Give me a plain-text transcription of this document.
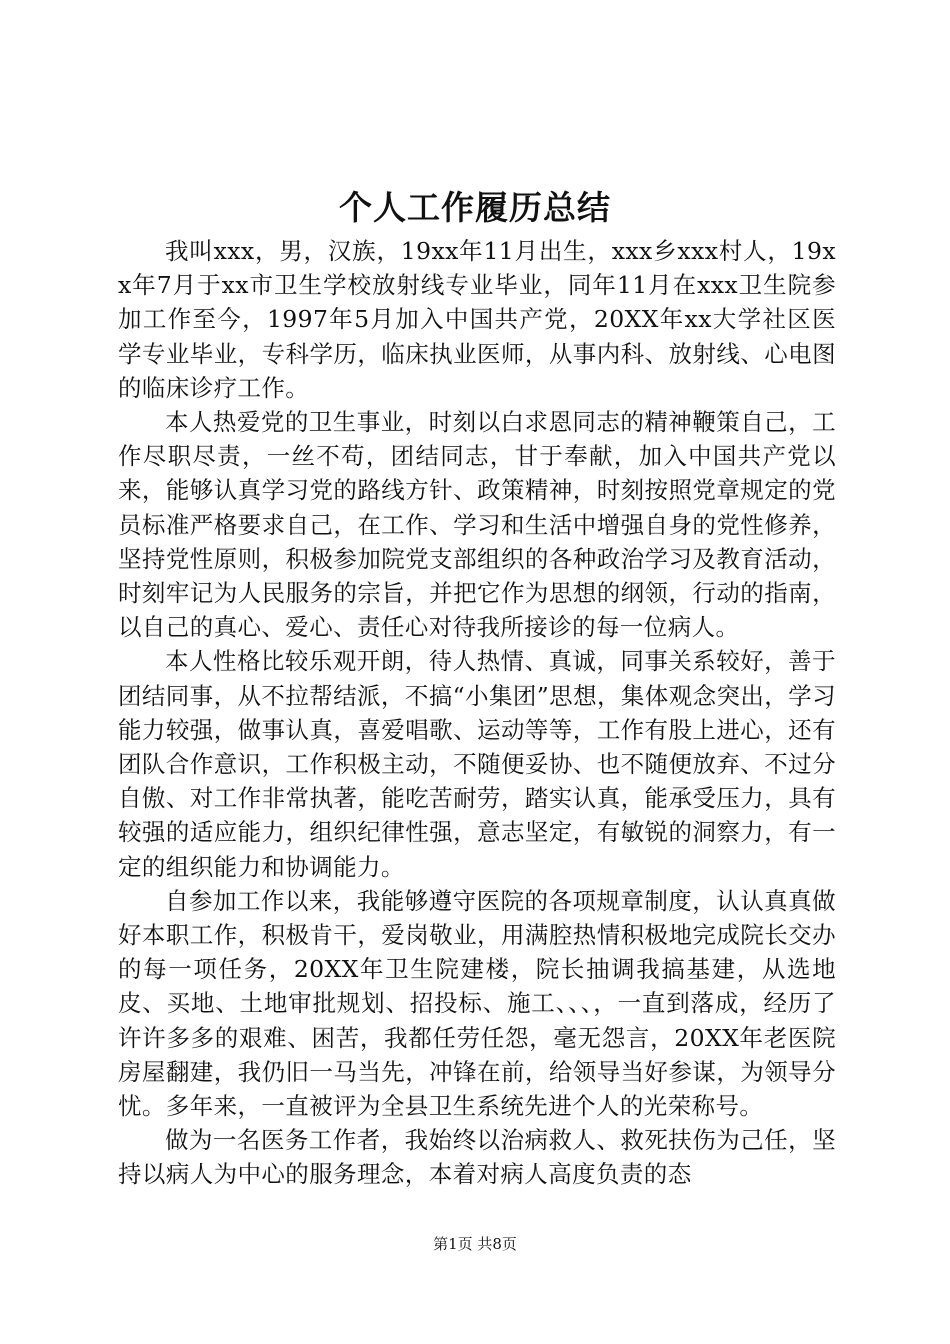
个人工作履历总结

我叫xxx，男，汉族，19xx年11月出生，xxx乡xxx村人，19xx年7月于xx市卫生学校放射线专业毕业，同年11月在xxx卫生院参加工作至今，1997年5月加入中国共产党，20XX年xx大学社区医学专业毕业，专科学历，临床执业医师，从事内科、放射线、心电图的临床诊疗工作。

本人热爱党的卫生事业，时刻以白求恩同志的精神鞭策自己，工作尽职尽责，一丝不苟，团结同志，甘于奉献，加入中国共产党以来，能够认真学习党的路线方针、政策精神，时刻按照党章规定的党员标准严格要求自己，在工作、学习和生活中增强自身的党性修养，坚持党性原则，积极参加院党支部组织的各种政治学习及教育活动，时刻牢记为人民服务的宗旨，并把它作为思想的纲领，行动的指南，以自己的真心、爱心、责任心对待我所接诊的每一位病人。

本人性格比较乐观开朗，待人热情、真诚，同事关系较好，善于团结同事，从不拉帮结派，不搞“小集团”思想，集体观念突出，学习能力较强，做事认真，喜爱唱歌、运动等等，工作有股上进心，还有团队合作意识，工作积极主动，不随便妥协、也不随便放弃、不过分自傲、对工作非常执著，能吃苦耐劳，踏实认真，能承受压力，具有较强的适应能力，组织纪律性强，意志坚定，有敏锐的洞察力，有一定的组织能力和协调能力。

自参加工作以来，我能够遵守医院的各项规章制度，认认真真做好本职工作，积极肯干，爱岗敬业，用满腔热情积极地完成院长交办的每一项任务，20XX年卫生院建楼，院长抽调我搞基建，从选地皮、买地、土地审批规划、招投标、施工、、、，一直到落成，经历了许许多多的艰难、困苦，我都任劳任怨，毫无怨言，20XX年老医院房屋翻建，我仍旧一马当先，冲锋在前，给领导当好参谋，为领导分忧。多年来，一直被评为全县卫生系统先进个人的光荣称号。

做为一名医务工作者，我始终以治病救人、救死扶伤为己任，坚持以病人为中心的服务理念，本着对病人高度负责的态

第1页 共8页
